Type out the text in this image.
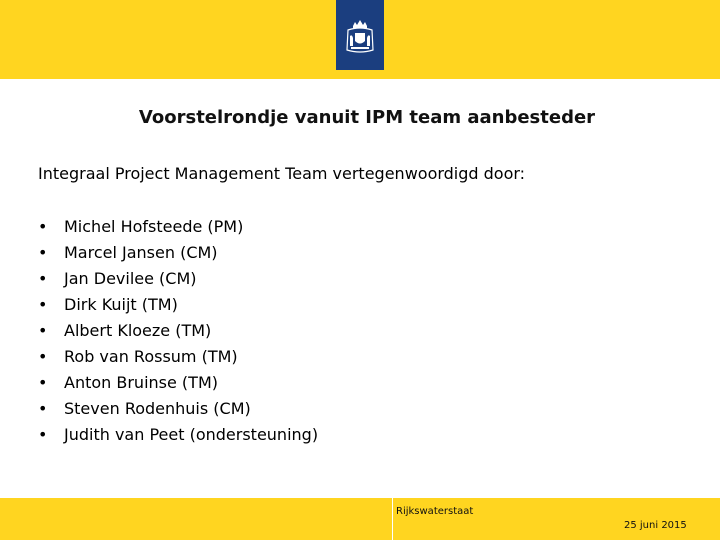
Voorstelrondje vanuit IPM team aanbesteder
Integraal Project Management Team vertegenwoordigd door:
• Michel Hofsteede (PM)
• Marcel Jansen (CM)
• Jan Devilee (CM)
• Dirk Kuijt (TM)
• Albert Kloeze (TM)
• Rob van Rossum (TM)
• Anton Bruinse (TM)
• Steven Rodenhuis (CM)
• Judith van Peet (ondersteuning)
Rijkswaterstaat
25 juni 2015
